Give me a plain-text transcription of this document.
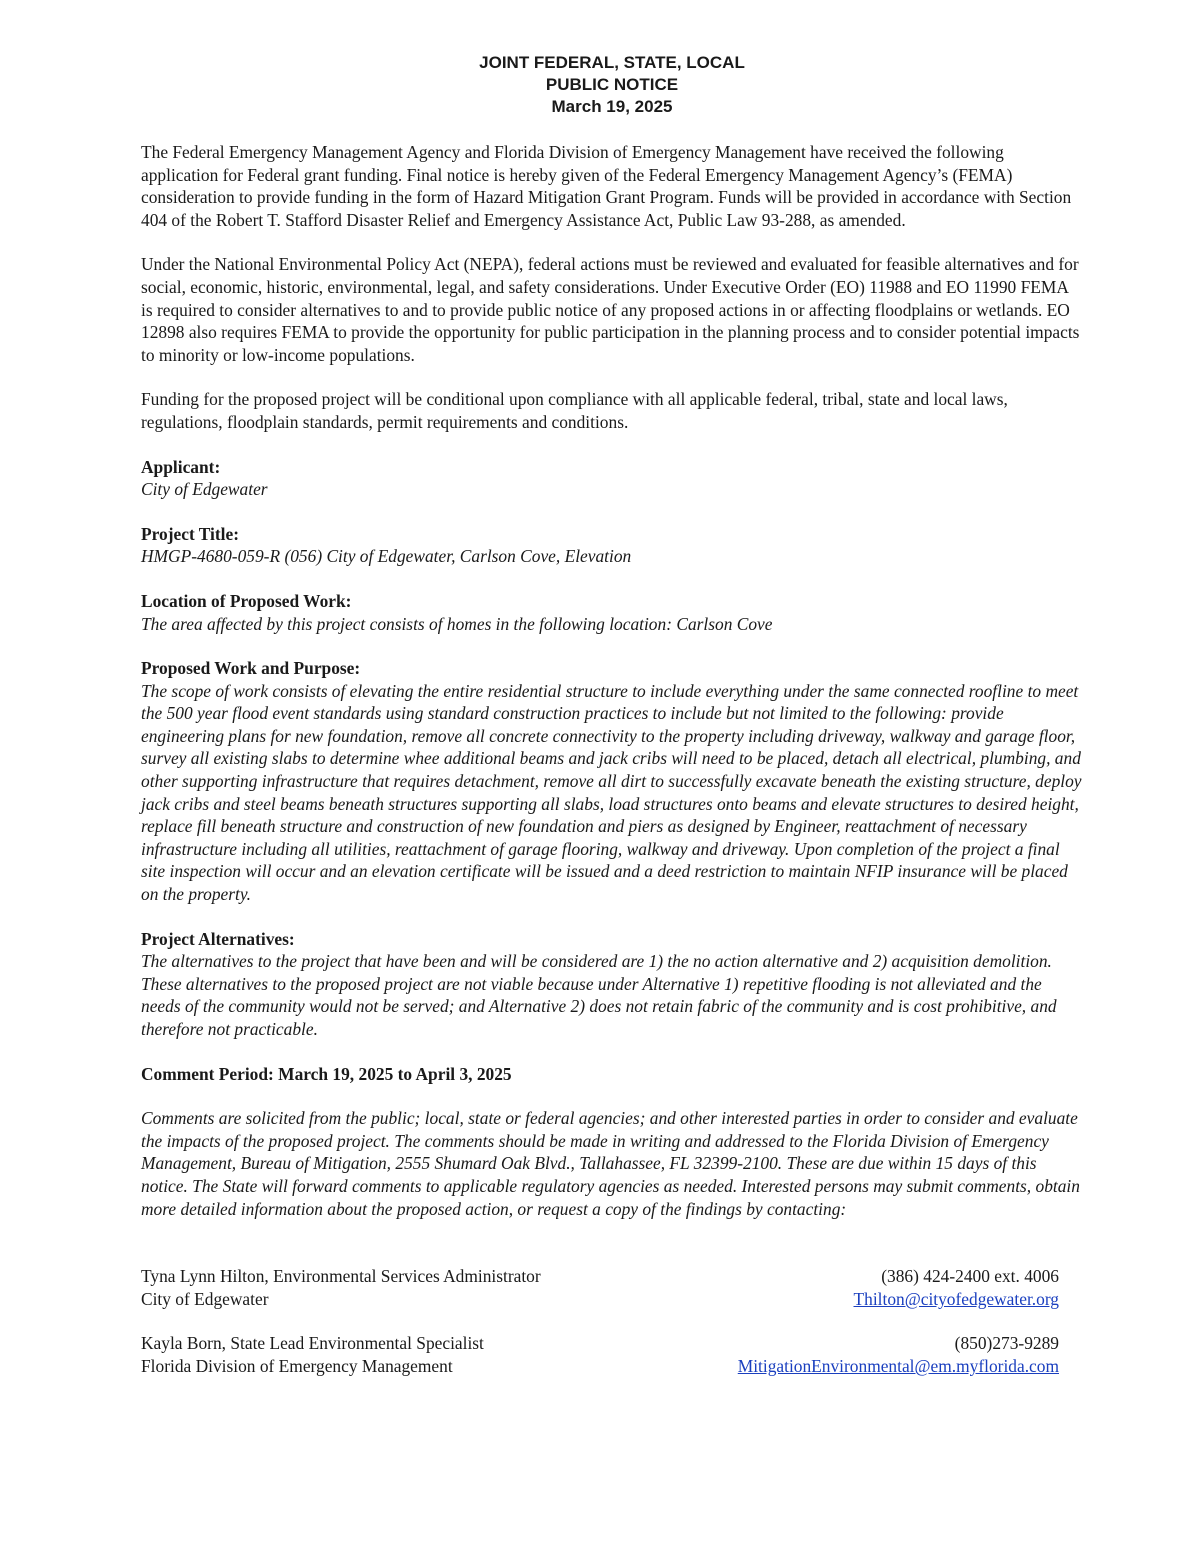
JOINT FEDERAL, STATE, LOCAL
PUBLIC NOTICE
March 19, 2025

The Federal Emergency Management Agency and Florida Division of Emergency Management have received the following application for Federal grant funding. Final notice is hereby given of the Federal Emergency Management Agency’s (FEMA) consideration to provide funding in the form of Hazard Mitigation Grant Program. Funds will be provided in accordance with Section 404 of the Robert T. Stafford Disaster Relief and Emergency Assistance Act, Public Law 93-288, as amended.

Under the National Environmental Policy Act (NEPA), federal actions must be reviewed and evaluated for feasible alternatives and for social, economic, historic, environmental, legal, and safety considerations. Under Executive Order (EO) 11988 and EO 11990 FEMA is required to consider alternatives to and to provide public notice of any proposed actions in or affecting floodplains or wetlands. EO 12898 also requires FEMA to provide the opportunity for public participation in the planning process and to consider potential impacts to minority or low-income populations.

Funding for the proposed project will be conditional upon compliance with all applicable federal, tribal, state and local laws, regulations, floodplain standards, permit requirements and conditions.

Applicant:
City of Edgewater
Project Title:
HMGP-4680-059-R (056) City of Edgewater, Carlson Cove, Elevation
Location of Proposed Work:
The area affected by this project consists of homes in the following location: Carlson Cove
Proposed Work and Purpose:
The scope of work consists of elevating the entire residential structure to include everything under the same connected roofline to meet the 500 year flood event standards using standard construction practices to include but not limited to the following: provide engineering plans for new foundation, remove all concrete connectivity to the property including driveway, walkway and garage floor, survey all existing slabs to determine whee additional beams and jack cribs will need to be placed, detach all electrical, plumbing, and other supporting infrastructure that requires detachment, remove all dirt to successfully excavate beneath the existing structure, deploy jack cribs and steel beams beneath structures supporting all slabs, load structures onto beams and elevate structures to desired height, replace fill beneath structure and construction of new foundation and piers as designed by Engineer, reattachment of necessary infrastructure including all utilities, reattachment of garage flooring, walkway and driveway. Upon completion of the project a final site inspection will occur and an elevation certificate will be issued and a deed restriction to maintain NFIP insurance will be placed on the property.
Project Alternatives:
The alternatives to the project that have been and will be considered are 1) the no action alternative and 2) acquisition demolition. These alternatives to the proposed project are not viable because under Alternative 1) repetitive flooding is not alleviated and the needs of the community would not be served; and Alternative 2) does not retain fabric of the community and is cost prohibitive, and therefore not practicable.
Comment Period: March 19, 2025 to April 3, 2025

Comments are solicited from the public; local, state or federal agencies; and other interested parties in order to consider and evaluate the impacts of the proposed project. The comments should be made in writing and addressed to the Florida Division of Emergency Management, Bureau of Mitigation, 2555 Shumard Oak Blvd., Tallahassee, FL 32399-2100. These are due within 15 days of this notice. The State will forward comments to applicable regulatory agencies as needed. Interested persons may submit comments, obtain more detailed information about the proposed action, or request a copy of the findings by contacting:

Tyna Lynn Hilton, Environmental Services Administrator
City of Edgewater
(386) 424-2400 ext. 4006
Thilton@cityofedgewater.org
Kayla Born, State Lead Environmental Specialist
Florida Division of Emergency Management
(850)273-9289
MitigationEnvironmental@em.myflorida.com
